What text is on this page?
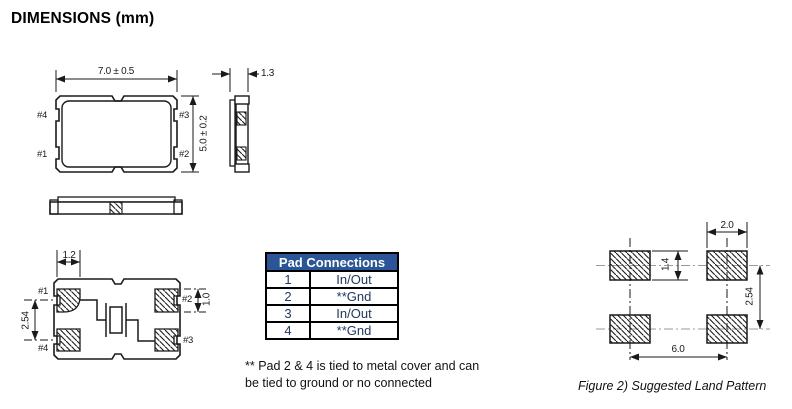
DIMENSIONS (mm)
7.0 ± 0.5
5.0 ± 0.2
#4	#3
#1	#2
1.3
1.2
2.54
1.0
#1
#2
#3
#4
Pad Connections	
1	In/Out
2	**Gnd
3	In/Out
4	**Gnd
** Pad 2 & 4 is tied to metal cover and can
be tied to ground or no connected
2.0
1.4
2.54
6.0
Figure 2) Suggested Land Pattern
